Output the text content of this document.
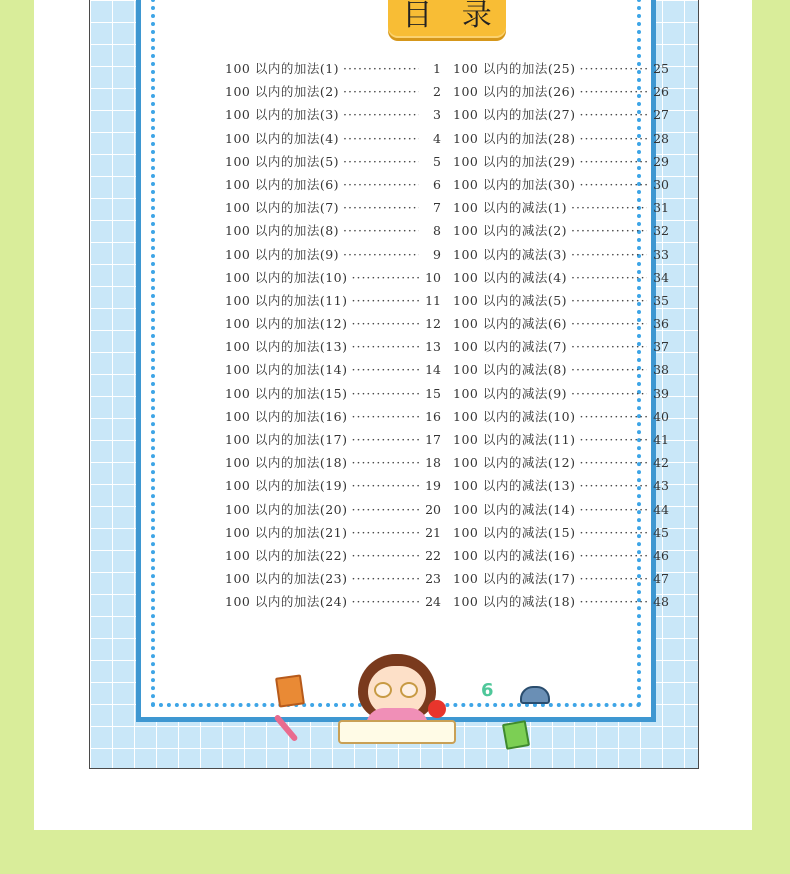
目 录
100 以内的加法(1) ·····	1 100 以内的加法(25) ·····	25
100 以内的加法(2) ·····	2 100 以内的加法(26) ·····	26
100 以内的加法(3) ·····	3 100 以内的加法(27) ·····	27
100 以内的加法(4) ·····	4 100 以内的加法(28) ·····	28
100 以内的加法(5) ·····	5 100 以内的加法(29) ·····	29
100 以内的加法(6) ·····	6 100 以内的加法(30) ·····	30
100 以内的加法(7) ·····	7 100 以内的减法(1) ·····	31
100 以内的加法(8) ·····	8 100 以内的减法(2) ·····	32
100 以内的加法(9) ·····	9 100 以内的减法(3) ·····	33
100 以内的加法(10) ·····	10 100 以内的减法(4) ·····	34
100 以内的加法(11) ·····	11 100 以内的减法(5) ·····	35
100 以内的加法(12) ·····	12 100 以内的减法(6) ·····	36
100 以内的加法(13) ·····	13 100 以内的减法(7) ·····	37
100 以内的加法(14) ·····	14 100 以内的减法(8) ·····	38
100 以内的加法(15) ·····	15 100 以内的减法(9) ·····	39
100 以内的加法(16) ·····	16 100 以内的减法(10) ·····	40
100 以内的加法(17) ·····	17 100 以内的减法(11) ·····	41
100 以内的加法(18) ·····	18 100 以内的减法(12) ·····	42
100 以内的加法(19) ·····	19 100 以内的减法(13) ·····	43
100 以内的加法(20) ·····	20 100 以内的减法(14) ·····	44
100 以内的加法(21) ·····	21 100 以内的减法(15) ·····	45
100 以内的加法(22) ·····	22 100 以内的减法(16) ·····	46
100 以内的加法(23) ·····	23 100 以内的减法(17) ·····	47
100 以内的加法(24) ·····	24 100 以内的减法(18) ·····	48
6
